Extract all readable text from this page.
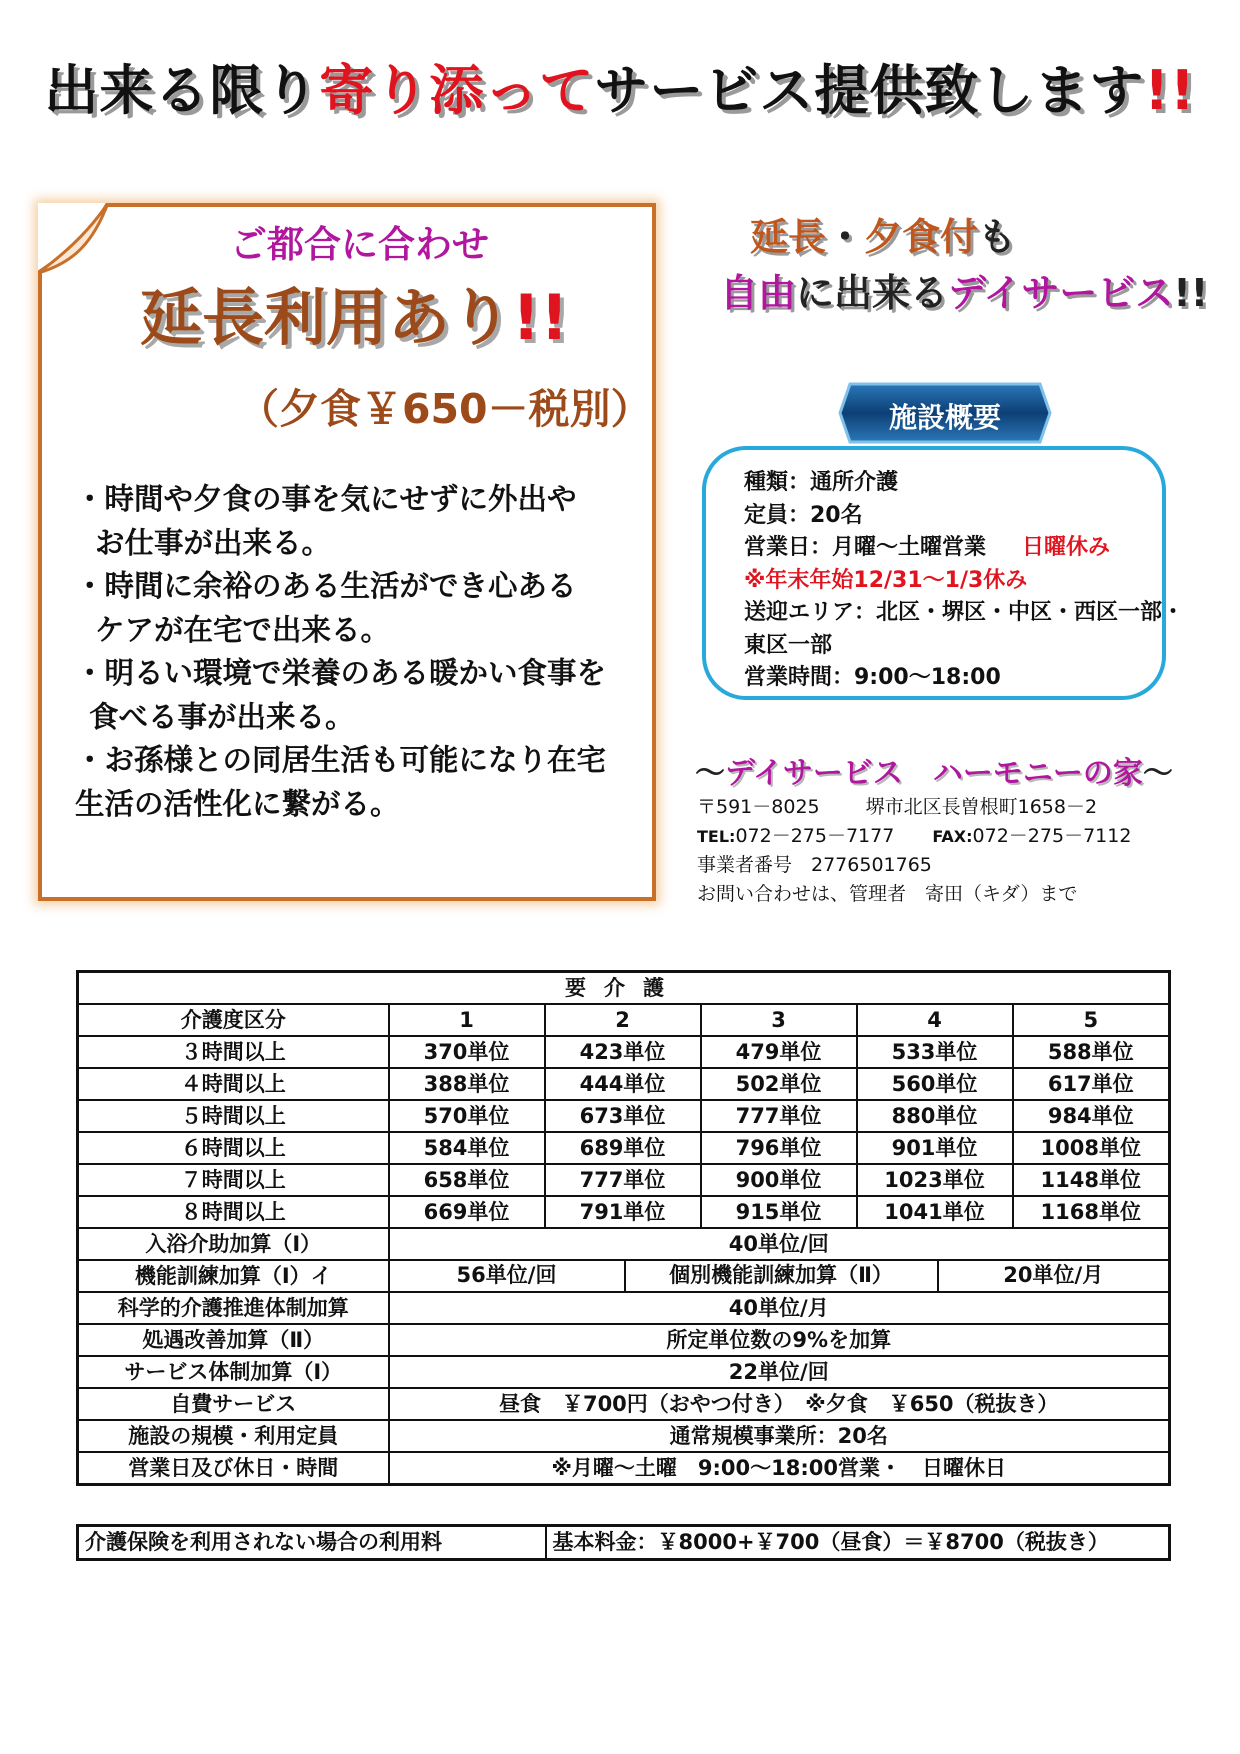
出来る限り寄り添ってサービス提供致します!!
ご都合に合わせ
延長利用あり!!
（夕食￥650－税別）
・時間や夕食の事を気にせずに外出や
お仕事が出来る。
・時間に余裕のある生活ができ心ある
ケアが在宅で出来る。
・明るい環境で栄養のある暖かい食事を
食べる事が出来る。
・お孫様との同居生活も可能になり在宅
生活の活性化に繋がる。
延長・夕食付も
自由に出来るデイサービス!!
施設概要
種類：通所介護
定員：20名
営業日：月曜～土曜営業 日曜休み
※年末年始12/31～1/3休み
送迎エリア：北区・堺区・中区・西区一部・
東区一部
営業時間：9:00～18:00
～デイサービス　ハーモニーの家～
〒591－8025 堺市北区長曽根町1658－2
TEL:072－275－7177 FAX:072－275－7112
事業者番号　2776501765
お問い合わせは、管理者　寄田（キダ）まで
要介護					
介護度区分	1	2	3	4	5
３時間以上	370単位	423単位	479単位	533単位	588単位
４時間以上	388単位	444単位	502単位	560単位	617単位
５時間以上	570単位	673単位	777単位	880単位	984単位
６時間以上	584単位	689単位	796単位	901単位	1008単位
７時間以上	658単位	777単位	900単位	1023単位	1148単位
８時間以上	669単位	791単位	915単位	1041単位	1168単位
入浴介助加算（Ⅰ）	40単位/回				
機能訓練加算（Ⅰ）イ	56単位/回 個別機能訓練加算（Ⅱ） 20単位/月				

科学的介護推進体制加算	40単位/月				
処遇改善加算（Ⅱ）	所定単位数の9%を加算				
サービス体制加算（Ⅰ）	22単位/回				
自費サービス	昼食　￥700円（おやつ付き）　※夕食　￥650（税抜き）				
施設の規模・利用定員	通常規模事業所：20名				
営業日及び休日・時間	※月曜～土曜　9:00～18:00営業・　日曜休日				
介護保険を利用されない場合の利用料	基本料金：￥8000+￥700（昼食）＝￥8700（税抜き）
